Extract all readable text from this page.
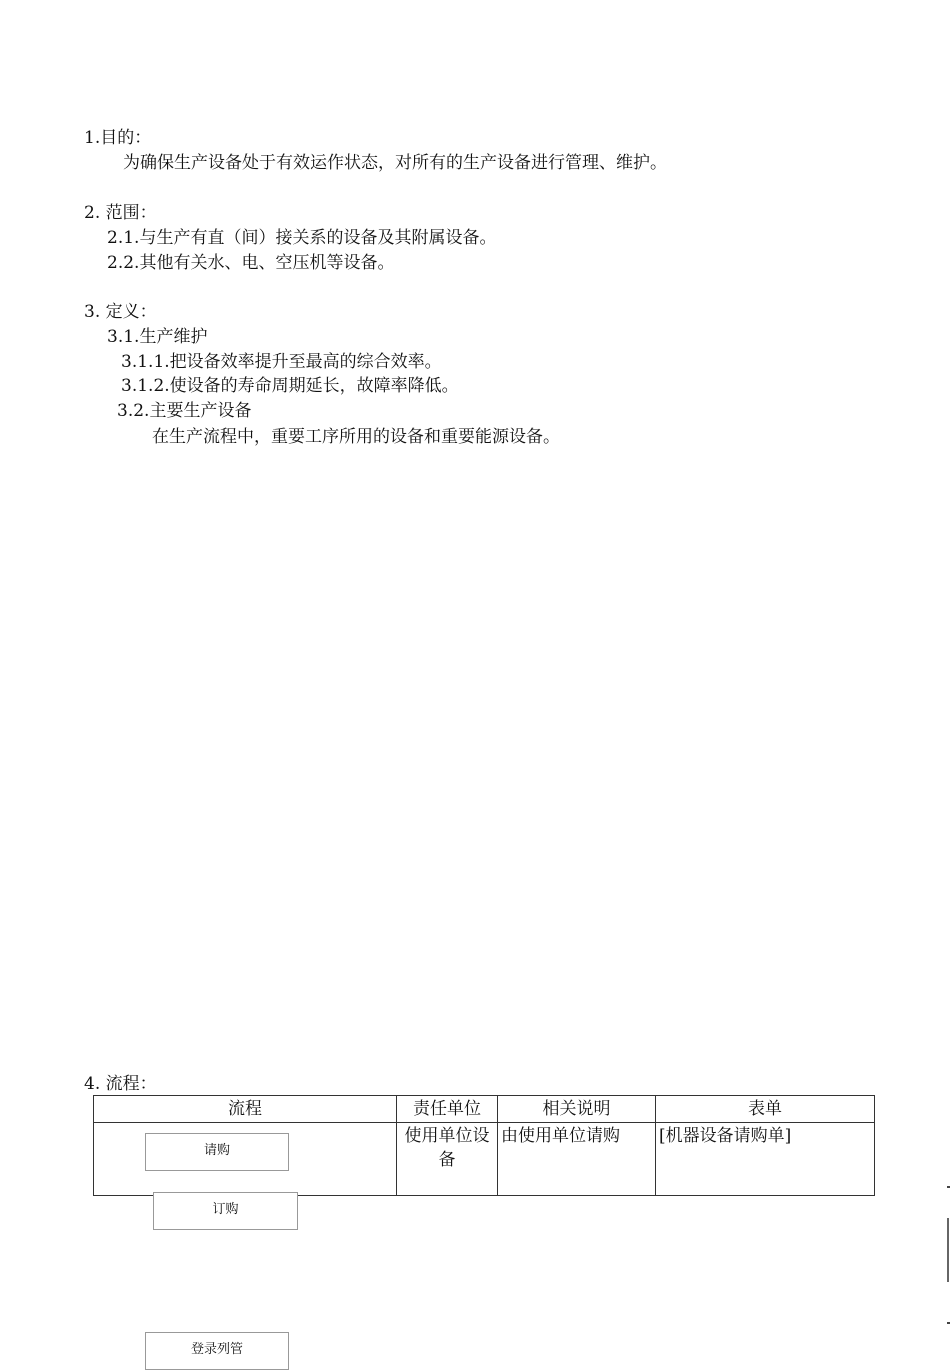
1.目的：
为确保生产设备处于有效运作状态，对所有的生产设备进行管理、维护。
2. 范围：
2.1.与生产有直（间）接关系的设备及其附属设备。
2.2.其他有关水、电、空压机等设备。
3. 定义：
3.1.生产维护
3.1.1.把设备效率提升至最高的综合效率。
3.1.2.使设备的寿命周期延长，故障率降低。
3.2.主要生产设备
在生产流程中，重要工序所用的设备和重要能源设备。
4. 流程：
流程	责任单位	相关说明	表单
	使用单位设备	由使用单位请购	[机器设备请购单]
请购
订购
登录列管
